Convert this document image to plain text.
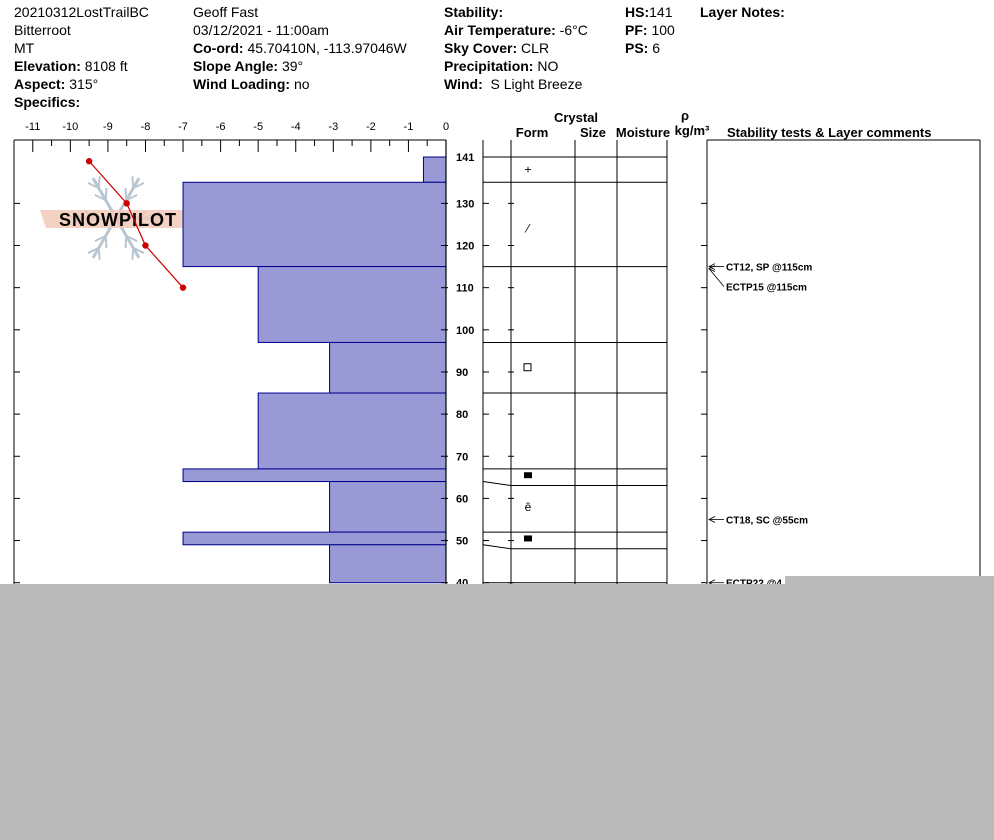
20210312LostTrailBC
Bitterroot
MT
Elevation: 8108 ft
Aspect: 315°
Specifics:
Geoff Fast
03/12/2021 - 11:00am
Co-ord: 45.70410N, -113.97046W
Slope Angle: 39°
Wind Loading: no
Stability:
Air Temperature: -6°C
Sky Cover: CLR
Precipitation: NO
Wind: S Light Breeze
HS:141
PF: 100
PS: 6
Layer Notes:
SNOWPILOT
-11 -10 -9	-8	-7	-6	-5	-4	-3	-2	-1	0
141
50
60
70
80
90
100
110
120
130
Crystal
Form Size Moisture
ρ
kg/m³ Stability tests & Layer comments
+
⁄
ê
CT12, SP @115cm
ECTP15 @115cm
CT18, SC @55cm
